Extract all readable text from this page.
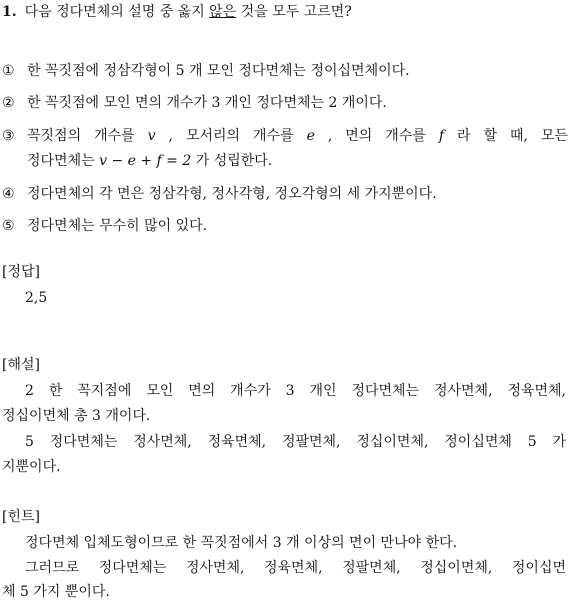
1. 다음 정다면체의 설명 중 옳지 않은 것을 모두 고르면?
① 한 꼭짓점에 정삼각형이 5 개 모인 정다면체는 정이십면체이다.
② 한 꼭짓점에 모인 면의 개수가 3 개인 정다면체는 2 개이다.
③ 꼭짓점의 개수를 v , 모서리의 개수를 e , 면의 개수를 f 라 할 때, 모든
정다면체는 v − e + f = 2 가 성립한다.
④ 정다면체의 각 면은 정삼각형, 정사각형, 정오각형의 세 가지뿐이다.
⑤ 정다면체는 무수히 많이 있다.
[정답]
2,5
[해설]
2 한 꼭지점에 모인 면의 개수가 3 개인 정다면체는 정사면체, 정육면체,
정십이면체 총 3 개이다.
5 정다면체는 정사면체, 정육면체, 정팔면체, 정십이면체, 정이십면체 5 가
지뿐이다.
[힌트]
정다면체 입체도형이므로 한 꼭짓점에서 3 개 이상의 면이 만나야 한다.
그러므로 정다면체는 정사면체, 정육면체, 정팔면체, 정십이면체, 정이십면
체 5 가지 뿐이다.
